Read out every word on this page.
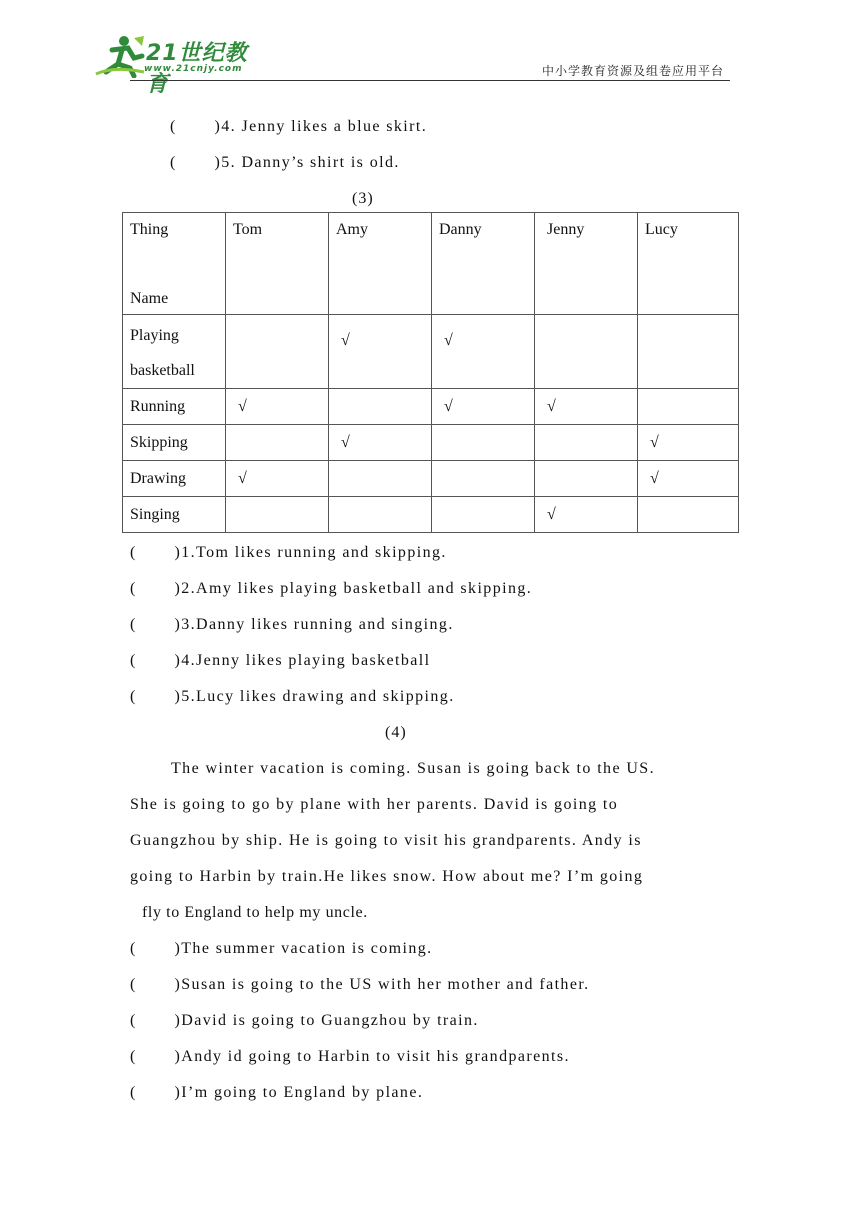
21世纪教育
www.21cnjy.com	中小学教育资源及组卷应用平台
(       )4. Jenny likes a blue skirt.
(       )5. Danny’s shirt is old.
(3)
Thing
Name	Tom	Amy	Danny	Jenny	Lucy

Playing
basketball		√	√		
Running	√		√	√	
Skipping		√			√
Drawing	√				√
Singing				√	
(       )1.Tom likes running and skipping.
(       )2.Amy likes playing basketball and skipping.
(       )3.Danny likes running and singing.
(       )4.Jenny likes playing basketball
(       )5.Lucy likes drawing and skipping.
(4)
The winter vacation is coming. Susan is going back to the US.
She is going to go by plane with her parents. David is going to
Guangzhou by ship. He is going to visit his grandparents. Andy is
going to Harbin by train.He likes snow. How about me? I’m going
fly to England to help my uncle.
(       )The summer vacation is coming.
(       )Susan is going to the US with her mother and father.
(       )David is going to Guangzhou by train.
(       )Andy id going to Harbin to visit his grandparents.
(       )I’m going to England by plane.
